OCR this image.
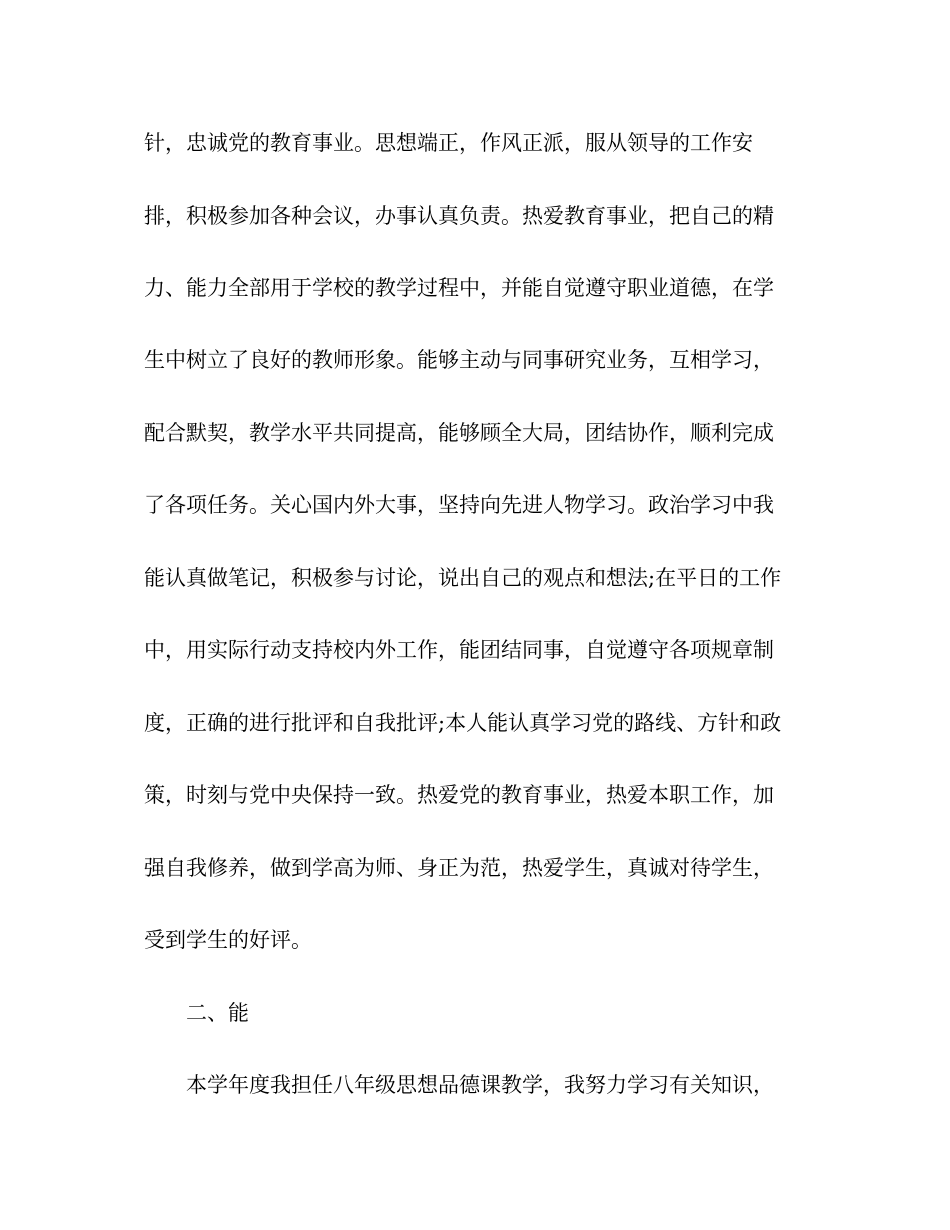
针，忠诚党的教育事业。思想端正，作风正派，服从领导的工作安
排，积极参加各种会议，办事认真负责。热爱教育事业，把自己的精
力、能力全部用于学校的教学过程中，并能自觉遵守职业道德，在学
生中树立了良好的教师形象。能够主动与同事研究业务，互相学习，
配合默契，教学水平共同提高，能够顾全大局，团结协作，顺利完成
了各项任务。关心国内外大事，坚持向先进人物学习。政治学习中我
能认真做笔记，积极参与讨论，说出自己的观点和想法;在平日的工作
中，用实际行动支持校内外工作，能团结同事，自觉遵守各项规章制
度，正确的进行批评和自我批评;本人能认真学习党的路线、方针和政
策，时刻与党中央保持一致。热爱党的教育事业，热爱本职工作，加
强自我修养，做到学高为师、身正为范，热爱学生，真诚对待学生，
受到学生的好评。
二、能
本学年度我担任八年级思想品德课教学，我努力学习有关知识，
